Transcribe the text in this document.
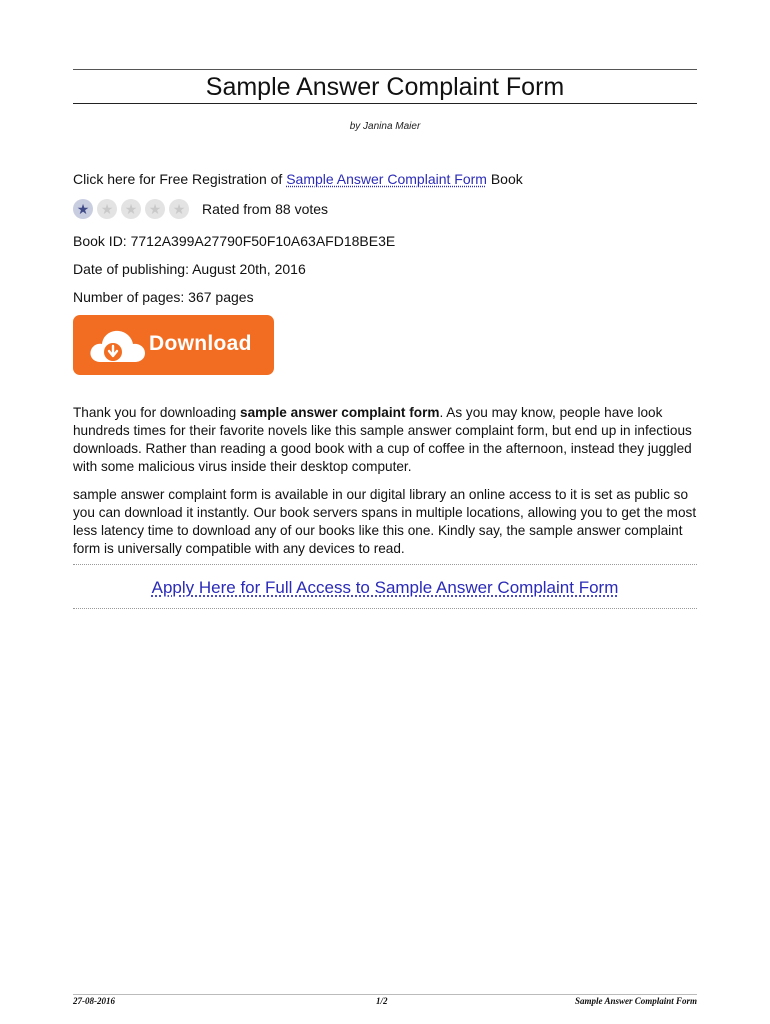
Sample Answer Complaint Form
by Janina Maier
Click here for Free Registration of Sample Answer Complaint Form Book
★ ★ ★ ★ ★ Rated from 88 votes
Book ID: 7712A399A27790F50F10A63AFD18BE3E
Date of publishing: August 20th, 2016
Number of pages: 367 pages
Download
Thank you for downloading sample answer complaint form. As you may know, people have look hundreds times for their favorite novels like this sample answer complaint form, but end up in infectious downloads. Rather than reading a good book with a cup of coffee in the afternoon, instead they juggled with some malicious virus inside their desktop computer.
sample answer complaint form is available in our digital library an online access to it is set as public so you can download it instantly. Our book servers spans in multiple locations, allowing you to get the most less latency time to download any of our books like this one. Kindly say, the sample answer complaint form is universally compatible with any devices to read.
Apply Here for Full Access to Sample Answer Complaint Form
27-08-2016	1/2	Sample Answer Complaint Form
